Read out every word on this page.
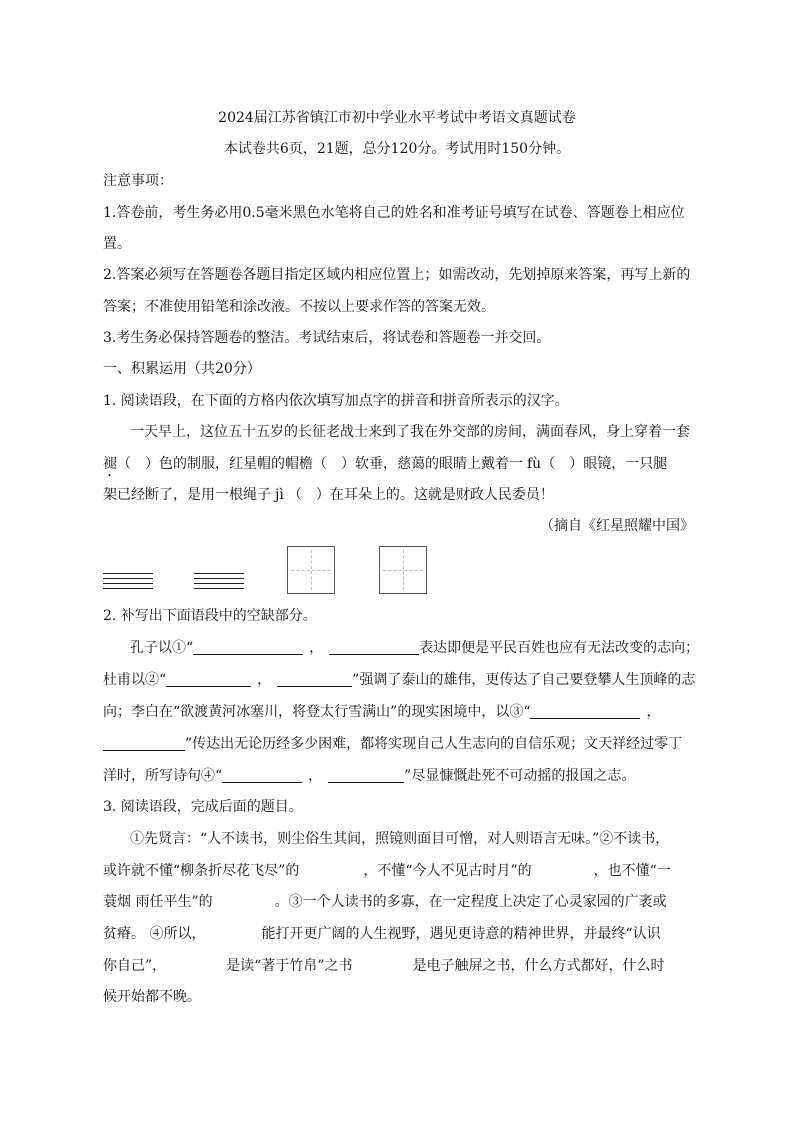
2024届江苏省镇江市初中学业水平考试中考语文真题试卷
本试卷共6页，21题，总分120分。考试用时150分钟。
注意事项：
1.答卷前，考生务必用0.5毫米黑色水笔将自己的姓名和准考证号填写在试卷、答题卷上相应位
置。
2.答案必须写在答题卷各题目指定区域内相应位置上；如需改动，先划掉原来答案，再写上新的
答案；不准使用铅笔和涂改液。不按以上要求作答的答案无效。
3.考生务必保持答题卷的整洁。考试结束后，将试卷和答题卷一并交回。
一、积累运用（共20分）
1. 阅读语段，在下面的方格内依次填写加点字的拼音和拼音所表示的汉字。
一天早上，这位五十五岁的长征老战士来到了我在外交部的房间，满面春风，身上穿着一套
褪（ ）色的制服，红星帽的帽檐（ ）软垂，慈蔼的眼睛上戴着一 fù（ ）眼镜，一只腿
架已经断了，是用一根绳子 jì （ ）在耳朵上的。这就是财政人民委员！
（摘自《红星照耀中国》
2. 补写出下面语段中的空缺部分。
孔子以①“	，	表达即便是平民百姓也应有无法改变的志向；
杜甫以②“	，	”强调了泰山的雄伟，更传达了自己要登攀人生顶峰的志
向；李白在“欲渡黄河冰塞川，将登太行雪满山”的现实困境中，以③“	，
”传达出无论历经多少困难，都将实现自己人生志向的自信乐观；文天祥经过零丁
洋时，所写诗句④“	，	”尽显慷慨赴死不可动摇的报国之志。
3. 阅读语段，完成后面的题目。
①先贤言：“人不读书，则尘俗生其间，照镜则面目可憎，对人则语言无味。”②不读书，
或许就不懂“柳条折尽花飞尽”的	，不懂“今人不见古时月”的	，也不懂“一
蓑烟 雨任平生”的	。③一个人读书的多寡，在一定程度上决定了心灵家园的广袤或
贫瘠。 ④所以，	能打开更广阔的人生视野，遇见更诗意的精神世界，并最终“认识
你自己”，	是读“著于竹帛”之书	是电子触屏之书，什么方式都好，什么时
候开始都不晚。
